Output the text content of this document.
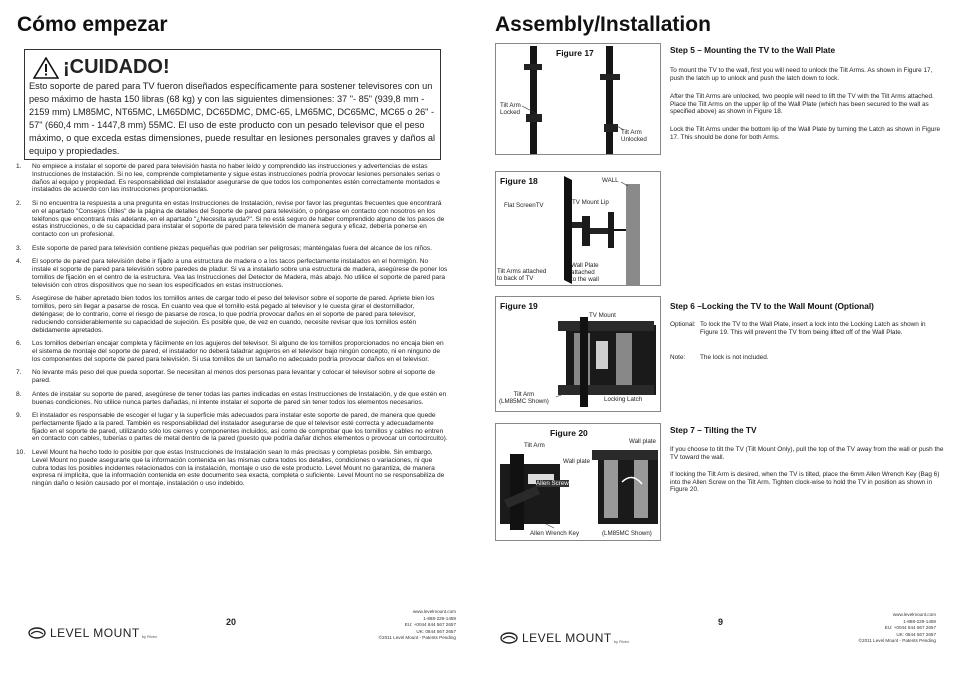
Cómo empezar
¡CUIDADO!
Esto soporte de pared para TV fueron diseñados específicamente para sostener televisores con un peso máximo de hasta 150 libras (68 kg) y con las siguientes dimensiones: 37 "- 85" (939,8 mm - 2159 mm) LM85MC, NT65MC, LM65DMC, DC65DMC, DMC-65, LM65MC, DC65MC, MC65 o 26" - 57" (660,4 mm - 1447,8 mm) 55MC. El uso de este producto con un pesado televisor que el peso máximo, o que exceda estas dimensiones, puede resultar en lesiones personales graves y daños al equipo y propiedades.
1. No empiece a instalar el soporte de pared para televisión hasta no haber leído y comprendido las instrucciones y advertencias de estas Instrucciones de Instalación. Si no lee, comprende completamente y sigue estas instrucciones podría provocar lesiones personales serias o daños al equipo y propiedad. Es responsabilidad del instalador asegurarse de que todos los componentes estén correctamente montados e instalados de acuerdo con las instrucciones proporcionadas.
2. Si no encuentra la respuesta a una pregunta en estas Instrucciones de Instalación, revise por favor las preguntas frecuentes que encontrará en el apartado "Consejos Útiles" de la página de detalles del Soporte de pared para televisión, o póngase en contacto con nosotros en los teléfonos que encontrará más adelante, en el apartado "¿Necesita ayuda?". Si no está seguro de haber comprendido alguno de los pasos de estas instrucciones, o de su capacidad para instalar el soporte de pared para televisión de manera segura y eficaz, debería ponerse en contacto con un profesional.
3. Este soporte de pared para televisión contiene piezas pequeñas que podrían ser peligrosas; manténgalas fuera del alcance de los niños.
4. El soporte de pared para televisión debe ir fijado a una estructura de madera o a los tacos perfectamente instalados en el hormigón. No instale el soporte de pared para televisión sobre paredes de pladur. Si va a instalarlo sobre una estructura de madera, asegúrese de poner los tornillos de fijación en el centro de la estructura. Vea las Instrucciones del Detector de Madera, más abajo. No utilice el soporte de pared para televisión con otros dispositivos que no sean los especificados en estas instrucciones.
5. Asegúrese de haber apretado bien todos los tornillos antes de cargar todo el peso del televisor sobre el soporte de pared. Apriete bien los tornillos, pero sin llegar a pasarse de rosca. En cuanto vea que el tornillo está pegado al televisor y le cuesta girar el destornillador, deténgase; de lo contrario, corre el riesgo de pasarse de rosca, lo que podría provocar daños en el soporte de pared para televisor, reduciendo considerablemente su capacidad de sujeción. Es posible que, de vez en cuando, necesite revisar que los tornillos estén debidamente apretados.
6. Los tornillos deberían encajar completa y fácilmente en los agujeros del televisor. Si alguno de los tornillos proporcionados no encaja bien en el sistema de montaje del soporte de pared, el instalador no deberá taladrar agujeros en el televisor bajo ningún concepto, ni en ninguno de los componentes del soporte de pared para televisión. Si usa tornillos de un tamaño no adecuado podría provocar daños en el televisor.
7. No levante más peso del que pueda soportar. Se necesitan al menos dos personas para levantar y colocar el televisor sobre el soporte de pared.
8. Antes de instalar su soporte de pared, asegúrese de tener todas las partes indicadas en estas Instrucciones de Instalación, y de que estén en buenas condiciones. No utilice nunca partes dañadas, ni intente instalar el soporte de pared sin tener todos los elementos necesarios.
9. El instalador es responsable de escoger el lugar y la superficie más adecuados para instalar este soporte de pared, de manera que quede perfectamente fijado a la pared. También es responsabilidad del instalador asegurarse de que el televisor esté correcta y adecuadamente fijado en el soporte de pared, utilizando sólo los cierres y componentes incluidos, así como de comprobar que los tornillos y cables no entren en contacto con cables, tuberías o partes de metal dentro de la pared (puesto que podría dañar dichos elementos o provocar un cortocircuito).
10. Level Mount ha hecho todo lo posible por que estas Instrucciones de Instalación sean lo más precisas y completas posible. Sin embargo, Level Mount no puede asegurarle que la información contenida en las mismas cubra todos los detalles, condiciones o variaciones, ni que cubra todas los posibles incidentes relacionados con la instalación, montaje o uso de este producto. Level Mount no garantiza, de manera expresa ni implícita, que la información contenida en este documento sea exacta, completa o suficiente. Level Mount no se responsabiliza de ningún daño o lesión causado por el montaje, instalación o uso indebido.
LEVEL MOUNT by Rivex
20
www.levelmount.com
1-888-229-1459
EU: +0044 844 567 2657
UK: 0844 567 2657
©2011 Level Mount - Patents Pending
Assembly/Installation
Figure 17
Tilt Arm
Locked
Tilt Arm
Unlocked
Figure 18	WALL
Flat ScreenTV	TV Mount Lip
Tilt Arms attached
to back of TV
Wall Plate
attached
to the wall
Figure 19
TV Mount
Tilt Arm
(LM85MC Shown)	Locking Latch
Figure 20
Tilt Arm
Wall plate
Wall plate
Allen Screw
Allen Wrench Key	(LM85MC Shown)
Step 5 – Mounting the TV to the Wall Plate
To mount the TV to the wall, first you will need to unlock the Tilt Arms. As shown in Figure 17, push the latch up to unlock and push the latch down to lock.
After the Tilt Arms are unlocked, two people will need to lift the TV with the Tilt Arms attached. Place the Tilt Arms on the upper lip of the Wall Plate (which has been secured to the wall as specified above) as shown in Figure 18.
Lock the Tilt Arms under the bottom lip of the Wall Plate by turning the Latch as shown in Figure 17. This should be done for both Arms.
Step 6 –Locking the TV to the Wall Mount (Optional)
Optional: To lock the TV to the Wall Plate, insert a lock into the Locking Latch as shown in Figure 19. This will prevent the TV from being lifted off of the Wall Plate.
Note: The lock is not included.
Step 7 – Tilting the TV
If you choose to tilt the TV (Tilt Mount Only), pull the top of the TV away from the wall or push the TV toward the wall.
If locking the Tilt Arm is desired, when the TV is tilted, place the 6mm Allen Wrench Key (Bag 6) into the Allen Screw on the Tilt Arm. Tighten clock-wise to hold the TV in position as shown in Figure 20.
LEVEL MOUNT by Rivex
9
www.levelmount.com
1-888-229-1459
EU: +0044 844 567 2657
UK: 0844 567 2657
©2011 Level Mount - Patents Pending
